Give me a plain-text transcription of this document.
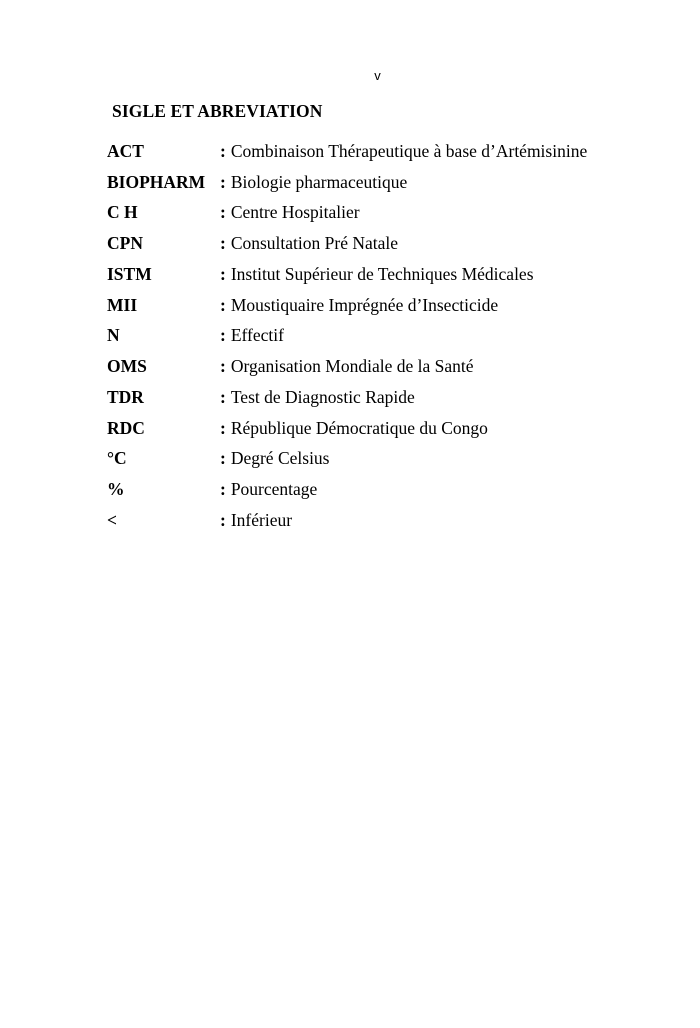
v
SIGLE ET ABREVIATION
ACT	: Combinaison Thérapeutique à base d’Artémisinine
BIOPHARM : Biologie pharmaceutique
C H	: Centre Hospitalier
CPN	: Consultation Pré Natale
ISTM	: Institut Supérieur de Techniques Médicales
MII	: Moustiquaire Imprégnée d’Insecticide
N	: Effectif
OMS	: Organisation Mondiale de la Santé
TDR	: Test de Diagnostic Rapide
RDC	: République Démocratique du Congo
°C	: Degré Celsius
%	: Pourcentage
<	: Inférieur
